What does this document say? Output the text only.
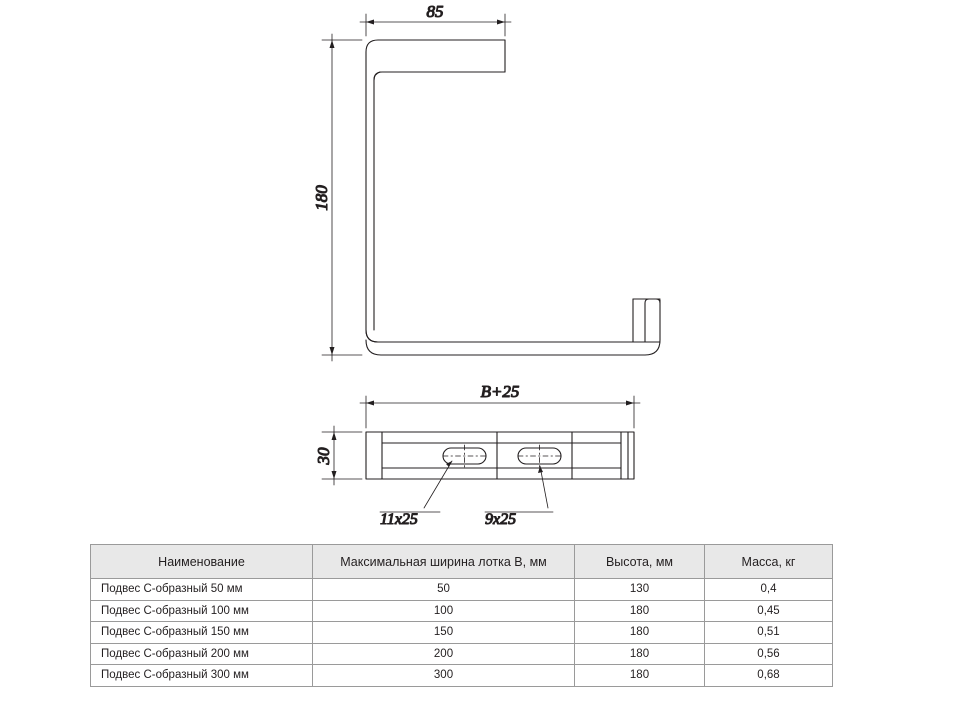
85
180
B+25
30
11x25	9x25
Наименование	Максимальная ширина лотка B, мм	Высота, мм	Масса, кг
Подвес С-образный 50 мм	50	130	0,4
Подвес С-образный 100 мм	100	180	0,45
Подвес С-образный 150 мм	150	180	0,51
Подвес С-образный 200 мм	200	180	0,56
Подвес С-образный 300 мм	300	180	0,68
